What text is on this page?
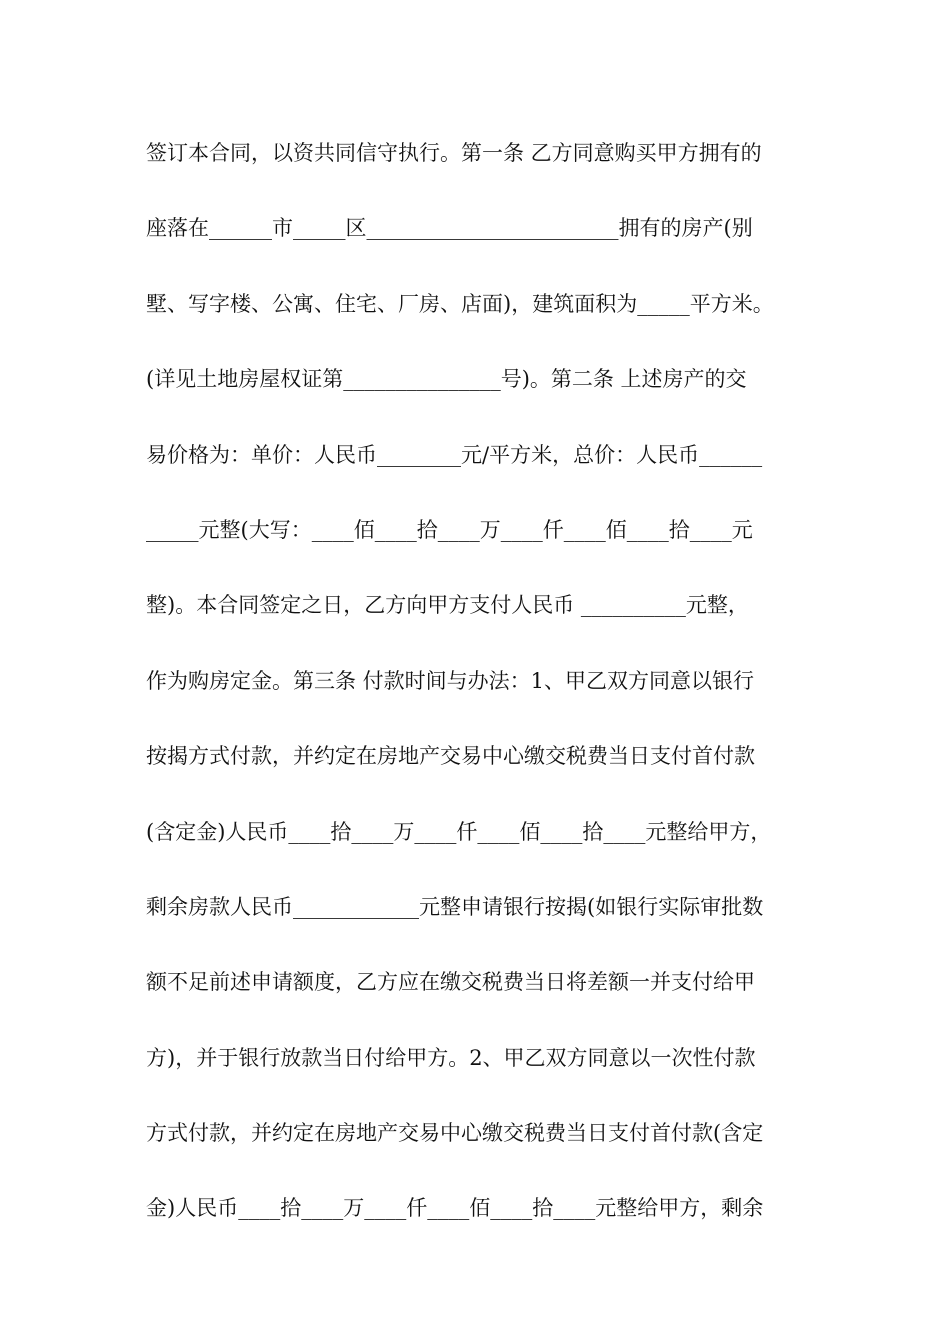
签订本合同，以资共同信守执行。第一条 乙方同意购买甲方拥有的
座落在______市_____区________________________拥有的房产(别
墅、写字楼、公寓、住宅、厂房、店面)，建筑面积为_____平方米。
(详见土地房屋权证第_______________号)。第二条 上述房产的交
易价格为：单价：人民币________元/平方米，总价：人民币______
_____元整(大写：____佰____拾____万____仟____佰____拾____元
整)。本合同签定之日，乙方向甲方支付人民币 __________元整，
作为购房定金。第三条 付款时间与办法：1、甲乙双方同意以银行
按揭方式付款，并约定在房地产交易中心缴交税费当日支付首付款
(含定金)人民币____拾____万____仟____佰____拾____元整给甲方，
剩余房款人民币____________元整申请银行按揭(如银行实际审批数
额不足前述申请额度，乙方应在缴交税费当日将差额一并支付给甲
方)，并于银行放款当日付给甲方。2、甲乙双方同意以一次性付款
方式付款，并约定在房地产交易中心缴交税费当日支付首付款(含定
金)人民币____拾____万____仟____佰____拾____元整给甲方，剩余
